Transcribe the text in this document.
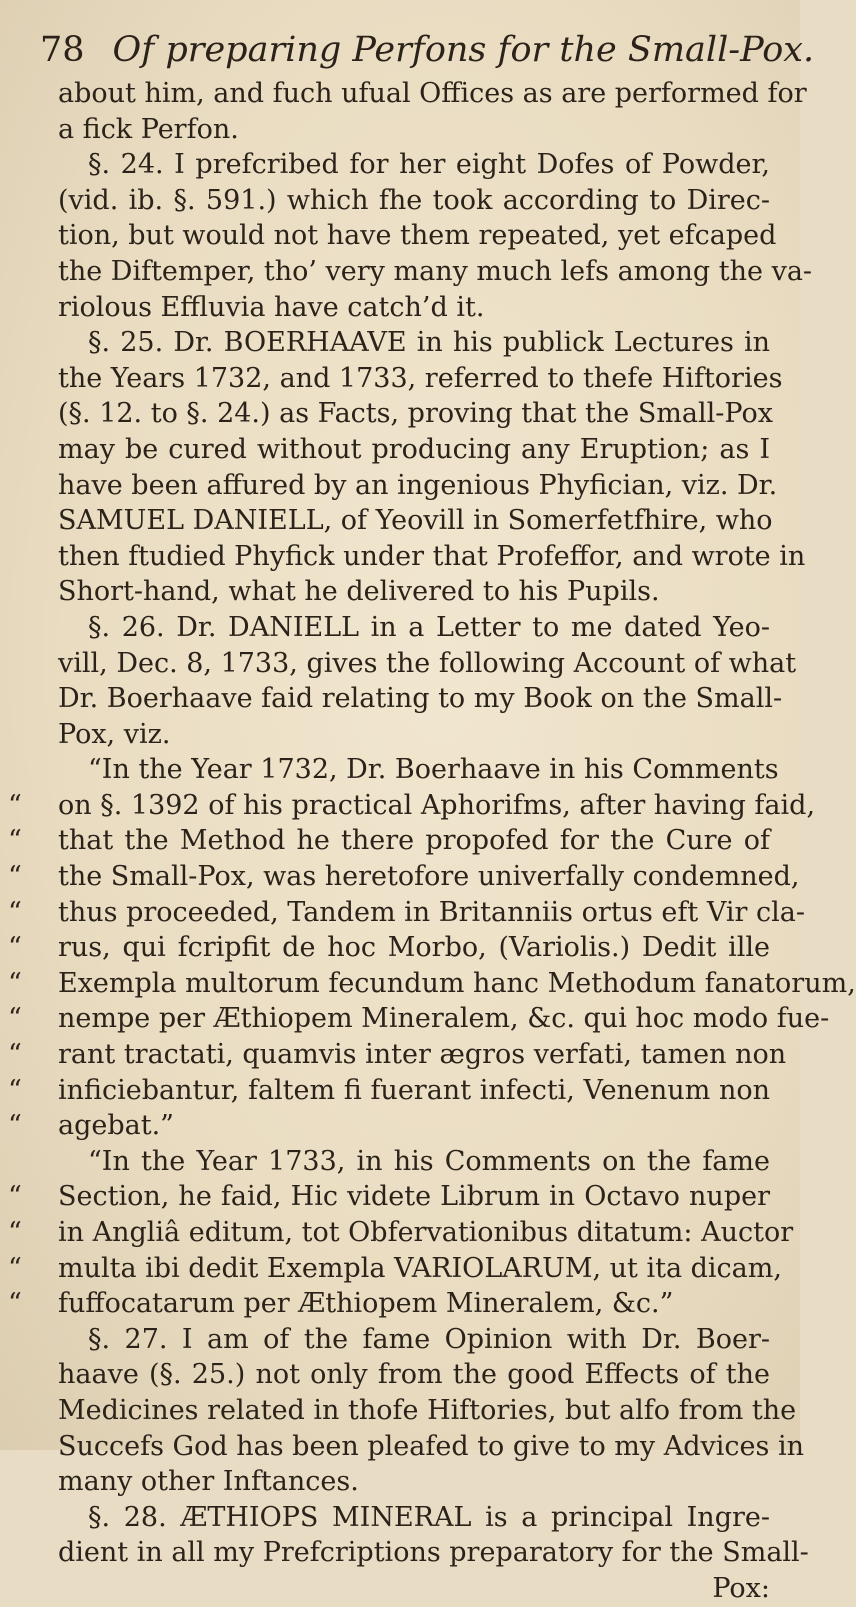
78 Of preparing Perfons for the Small-Pox.
about him, and fuch ufual Offices as are performed for
a fick Perfon.
§. 24. I prefcribed for her eight Dofes of Powder,
(vid. ib. §. 591.) which fhe took according to Direc-
tion, but would not have them repeated, yet efcaped
the Diftemper, tho’ very many much lefs among the va-
riolous Effluvia have catch’d it.
§. 25. Dr. BOERHAAVE in his publick Lectures in
the Years 1732, and 1733, referred to thefe Hiftories
(§. 12. to §. 24.) as Facts, proving that the Small-Pox
may be cured without producing any Eruption; as I
have been affured by an ingenious Phyfician, viz. Dr.
SAMUEL DANIELL, of Yeovill in Somerfetfhire, who
then ftudied Phyfick under that Profeffor, and wrote in
Short-hand, what he delivered to his Pupils.
§. 26. Dr. DANIELL in a Letter to me dated Yeo-
vill, Dec. 8, 1733, gives the following Account of what
Dr. Boerhaave faid relating to my Book on the Small-
Pox, viz.
“In the Year 1732, Dr. Boerhaave in his Comments
“ on §. 1392 of his practical Aphorifms, after having faid,
“ that the Method he there propofed for the Cure of
“ the Small-Pox, was heretofore univerfally condemned,
“ thus proceeded, Tandem in Britanniis ortus eft Vir cla-
“ rus, qui fcripfit de hoc Morbo, (Variolis.) Dedit ille
“ Exempla multorum fecundum hanc Methodum fanatorum,
“ nempe per Æthiopem Mineralem, &c. qui hoc modo fue-
“ rant tractati, quamvis inter ægros verfati, tamen non
“ inficiebantur, faltem fi fuerant infecti, Venenum non
“ agebat.”
“In the Year 1733, in his Comments on the fame
“ Section, he faid, Hic videte Librum in Octavo nuper
“ in Angliâ editum, tot Obfervationibus ditatum: Auctor
“ multa ibi dedit Exempla VARIOLARUM, ut ita dicam,
“ fuffocatarum per Æthiopem Mineralem, &c.”
§. 27. I am of the fame Opinion with Dr. Boer-
haave (§. 25.) not only from the good Effects of the
Medicines related in thofe Hiftories, but alfo from the
Succefs God has been pleafed to give to my Advices in
many other Inftances.
§. 28. ÆTHIOPS MINERAL is a principal Ingre-
dient in all my Prefcriptions preparatory for the Small-
Pox:
